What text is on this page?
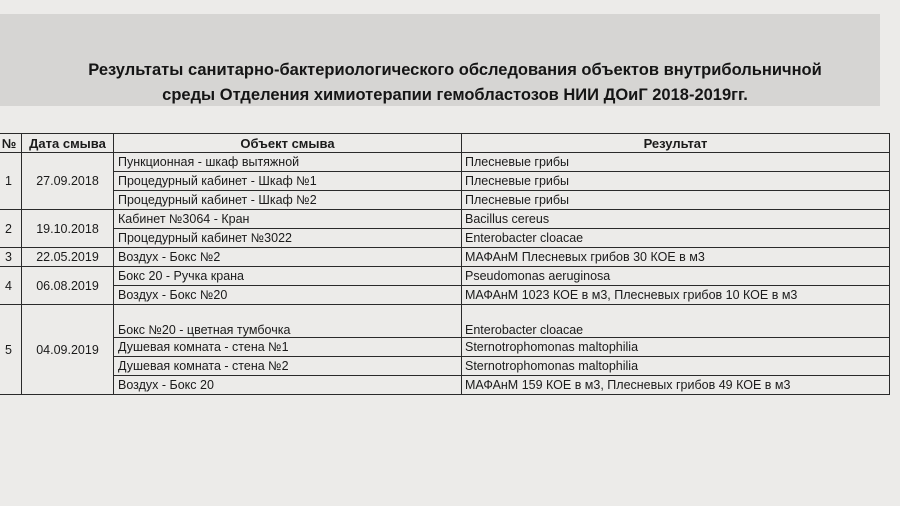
Результаты санитарно-бактериологического обследования объектов внутрибольничной
среды Отделения химиотерапии гемобластозов НИИ ДОиГ 2018-2019гг.
№	Дата смыва	Объект смыва	Результат
1	27.09.2018	Пункционная - шкаф вытяжной	Плесневые грибы
		Процедурный кабинет - Шкаф №1	Плесневые грибы
		Процедурный кабинет - Шкаф №2	Плесневые грибы
2	19.10.2018	Кабинет №3064 - Кран	Bacillus cereus
		Процедурный кабинет №3022	Enterobacter cloacae
3	22.05.2019	Воздух - Бокс №2	МАФАнМ Плесневых грибов 30 КОЕ в м3
4	06.08.2019	Бокс 20 - Ручка крана	Pseudomonas aeruginosa
		Воздух - Бокс №20	МАФАнМ 1023 КОЕ в м3, Плесневых грибов 10 КОЕ в м3
5	04.09.2019	Бокс №20 - цветная тумбочка	Enterobacter cloacae
		Душевая комната - стена №1	Sternotrophomonas maltophilia
		Душевая комната - стена №2	Sternotrophomonas maltophilia
		Воздух - Бокс 20	МАФАнМ 159 КОЕ в м3, Плесневых грибов 49 КОЕ в м3
